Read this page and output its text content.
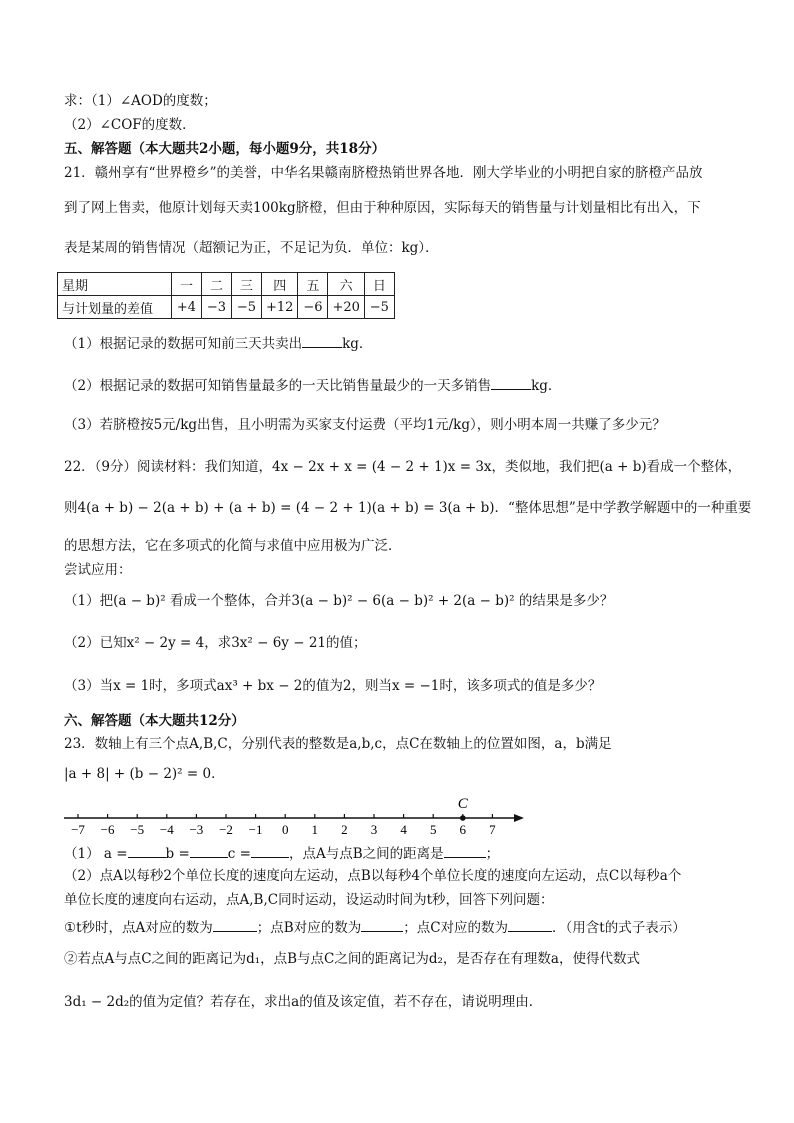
求：（1）∠AOD的度数；
（2）∠COF的度数．
五、解答题（本大题共2小题，每小题9分，共18分）
21．赣州享有“世界橙乡”的美誉，中华名果赣南脐橙热销世界各地．刚大学毕业的小明把自家的脐橙产品放
到了网上售卖，他原计划每天卖100kg脐橙，但由于种种原因，实际每天的销售量与计划量相比有出入，下
表是某周的销售情况（超额记为正，不足记为负．单位：kg）．
星期	一	二	三	四	五	六	日
与计划量的差值	+4	−3	−5	+12	−6	+20	−5
（1）根据记录的数据可知前三天共卖出	kg．
（2）根据记录的数据可知销售量最多的一天比销售量最少的一天多销售	kg．
（3）若脐橙按5元/kg出售，且小明需为买家支付运费（平均1元/kg），则小明本周一共赚了多少元？
22．（9分）阅读材料：我们知道，4x − 2x + x = (4 − 2 + 1)x = 3x，类似地，我们把(a + b)看成一个整体，
则4(a + b) − 2(a + b) + (a + b) = (4 − 2 + 1)(a + b) = 3(a + b)．“整体思想”是中学教学解题中的一种重要
的思想方法，它在多项式的化简与求值中应用极为广泛．
尝试应用：
（1）把(a − b)² 看成一个整体，合并3(a − b)² − 6(a − b)² + 2(a − b)² 的结果是多少？
（2）已知x² − 2y = 4，求3x² − 6y − 21的值；
（3）当x = 1时，多项式ax³ + bx − 2的值为2，则当x = −1时，该多项式的值是多少？
六、解答题（本大题共12分）
23．数轴上有三个点A,B,C，分别代表的整数是a,b,c，点C在数轴上的位置如图，a，b满足
|a + 8| + (b − 2)² = 0．
−7 −6 −5 −4 −3 −2 −1 0 1 2 3 4 5 6 7
C
（1） a =	b =	c =	，点A与点B之间的距离是	；
（2）点A以每秒2个单位长度的速度向左运动，点B以每秒4个单位长度的速度向左运动，点C以每秒a个
单位长度的速度向右运动，点A,B,C同时运动，设运动时间为t秒，回答下列问题：
①t秒时，点A对应的数为	；点B对应的数为	；点C对应的数为	．（用含t的式子表示）
②若点A与点C之间的距离记为d₁，点B与点C之间的距离记为d₂，是否存在有理数a，使得代数式
3d₁ − 2d₂的值为定值？若存在，求出a的值及该定值，若不存在，请说明理由．
